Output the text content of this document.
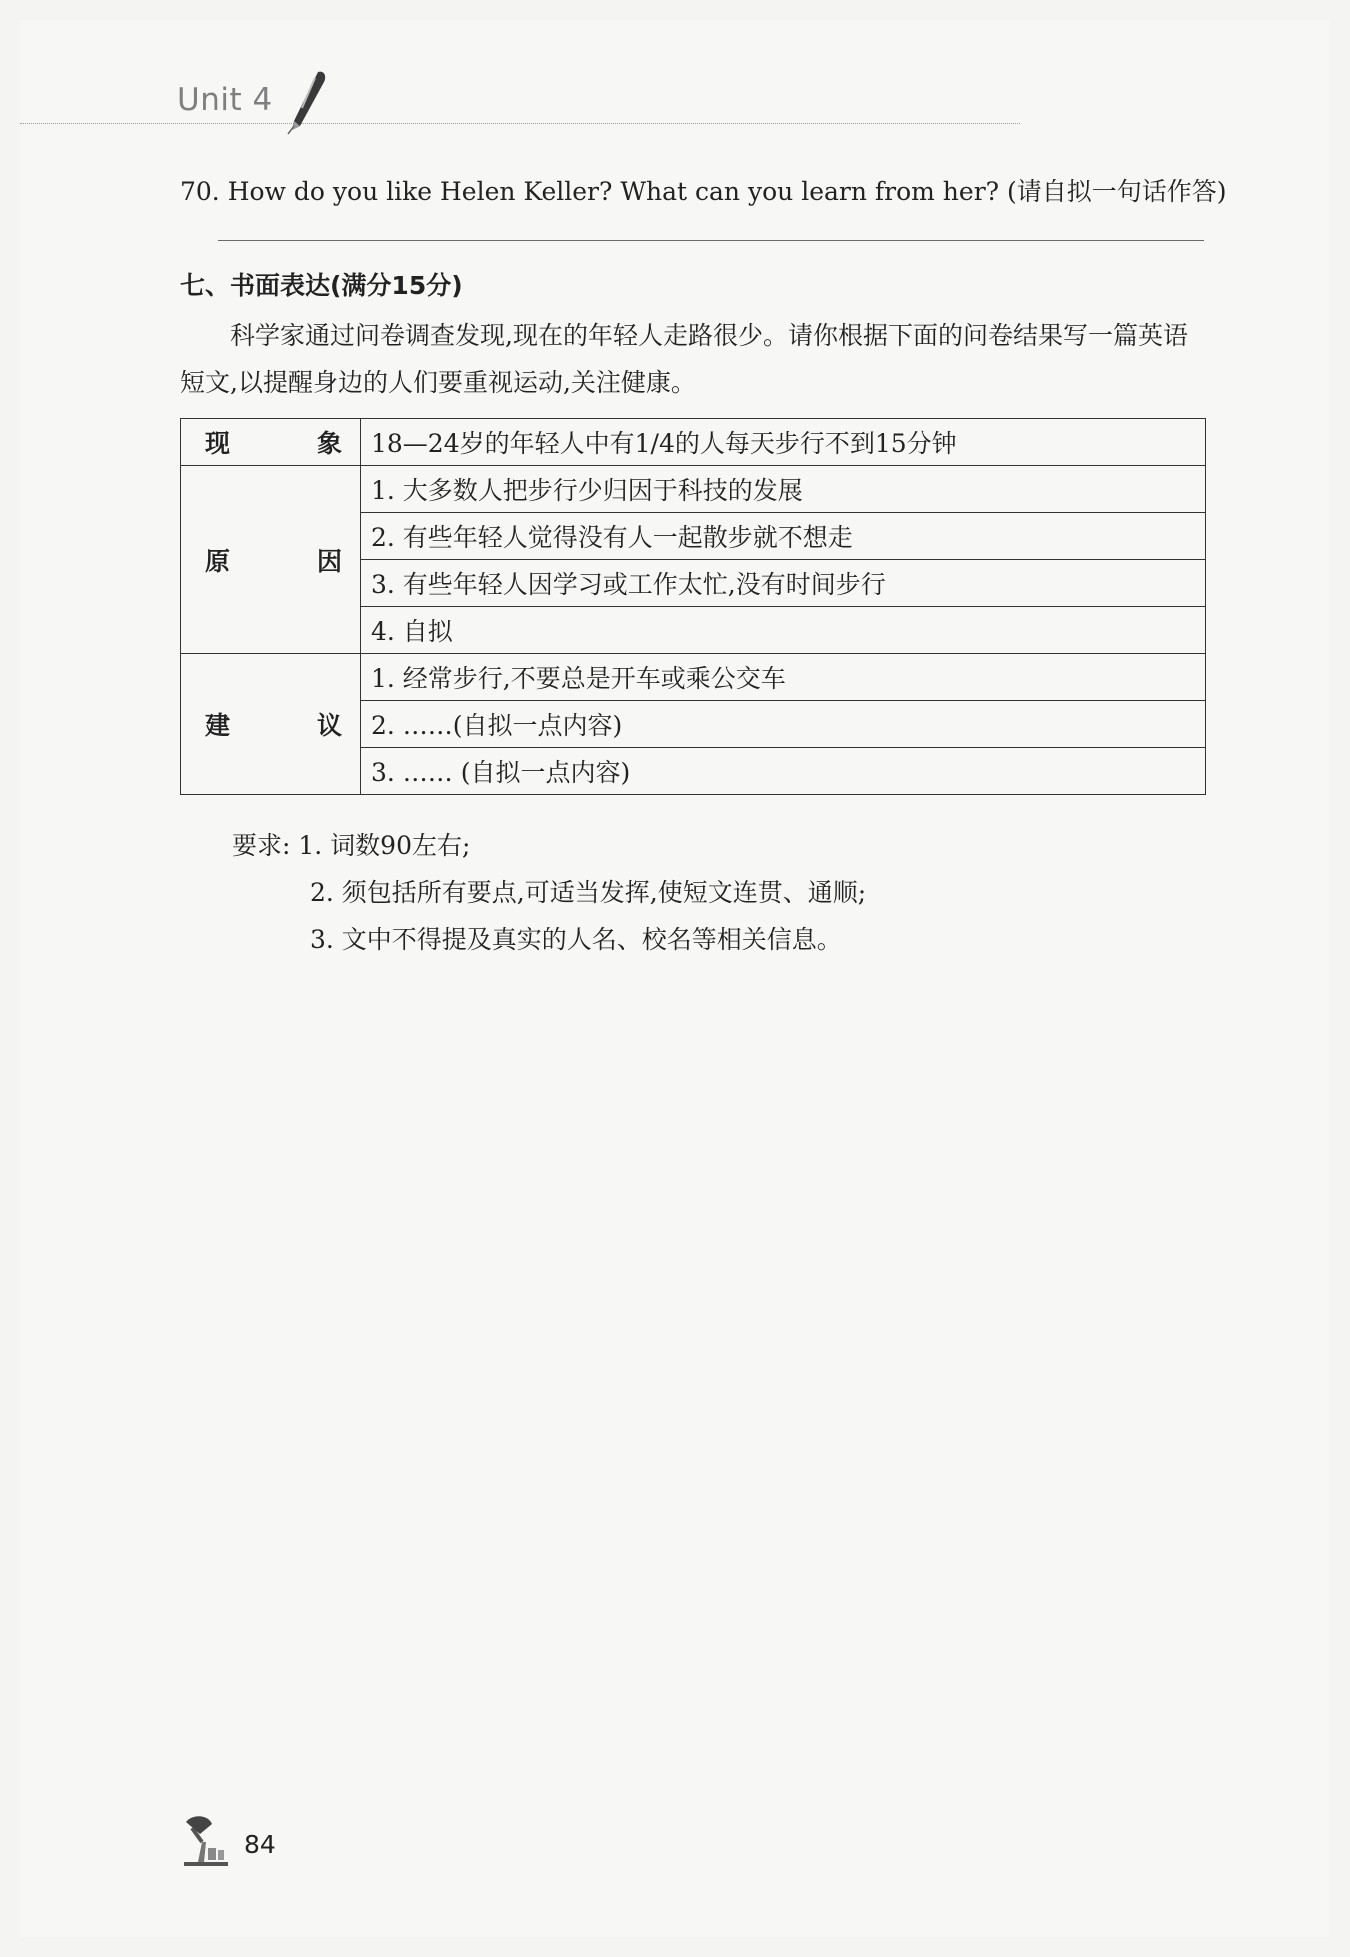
Unit 4
70. How do you like Helen Keller? What can you learn from her? (请自拟一句话作答)
七、书面表达(满分15分)
科学家通过问卷调查发现,现在的年轻人走路很少。请你根据下面的问卷结果写一篇英语短文,以提醒身边的人们要重视运动,关注健康。
现 象	18—24岁的年轻人中有1/4的人每天步行不到15分钟
原 因	1. 大多数人把步行少归因于科技的发展
	2. 有些年轻人觉得没有人一起散步就不想走
	3. 有些年轻人因学习或工作太忙,没有时间步行
	4. 自拟
建 议	1. 经常步行,不要总是开车或乘公交车
	2. ……(自拟一点内容)
	3. …… (自拟一点内容)
要求: 1. 词数90左右;
2. 须包括所有要点,可适当发挥,使短文连贯、通顺;
3. 文中不得提及真实的人名、校名等相关信息。
84
